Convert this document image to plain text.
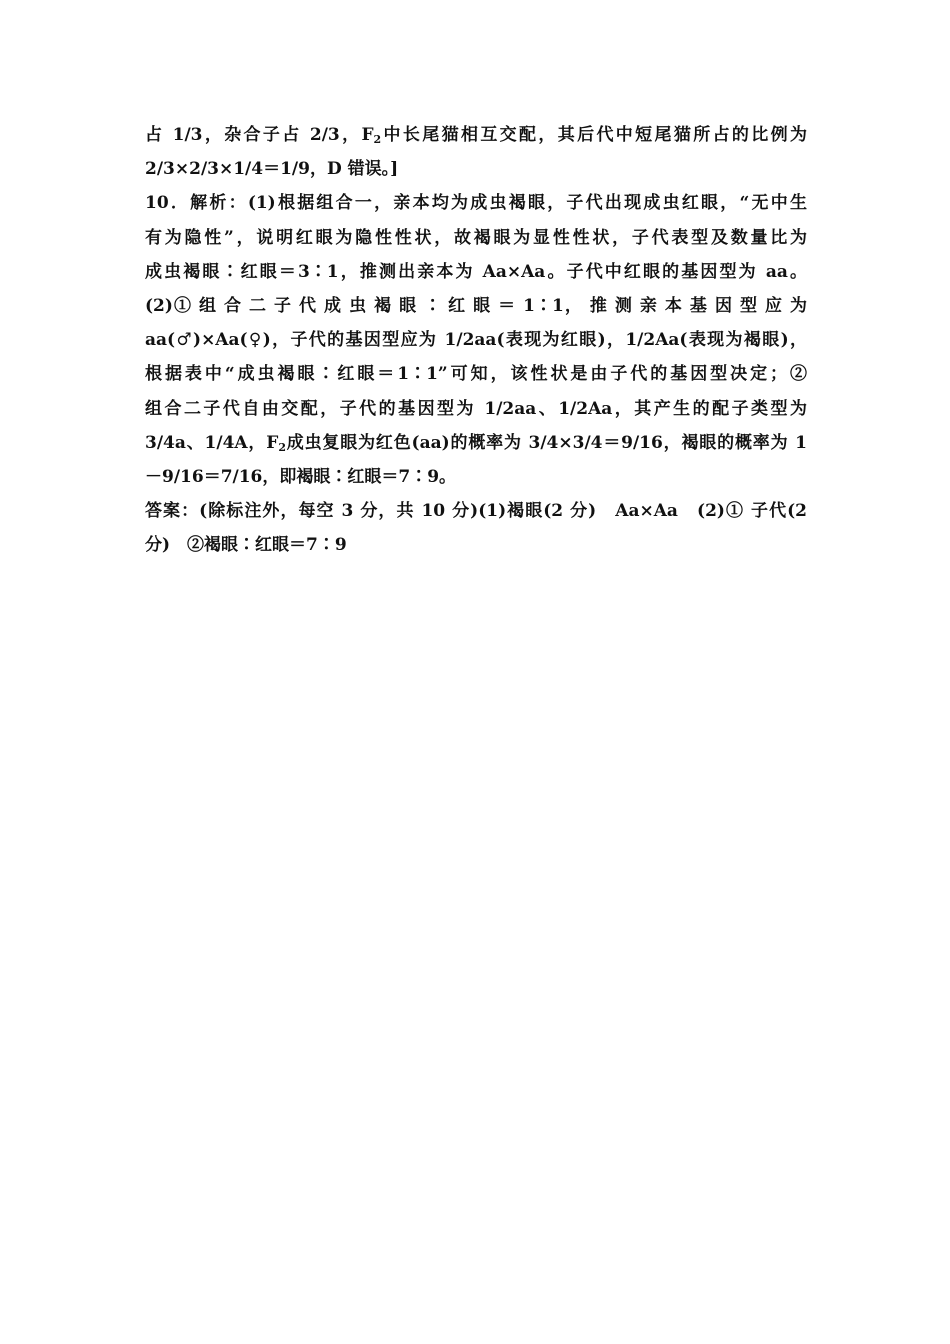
占 1/3，杂合子占 2/3，$F_2$中长尾猫相互交配，其后代中短尾猫所占的比例为
2/3×2/3×1/4＝1/9，D 错误。]
10．解析：(1)根据组合一，亲本均为成虫褐眼，子代出现成虫红眼，“无中生
有为隐性”，说明红眼为隐性性状，故褐眼为显性性状，子代表型及数量比为
成虫褐眼∶红眼＝3∶1，推测出亲本为 Aa×Aa。子代中红眼的基因型为 aa。
(2)① 组 合 二 子 代 成 虫 褐 眼 ∶ 红 眼 ＝ 1∶1， 推 测 亲 本 基 因 型 应 为
aa(♂)×Aa(♀)，子代的基因型应为 1/2aa(表现为红眼)，1/2Aa(表现为褐眼)，
根据表中“成虫褐眼∶红眼＝1∶1”可知，该性状是由子代的基因型决定；②
组合二子代自由交配，子代的基因型为 1/2aa、1/2Aa，其产生的配子类型为
3/4a、1/4A，$F_2$成虫复眼为红色(aa)的概率为 3/4×3/4＝9/16，褐眼的概率为 1
－9/16＝7/16，即褐眼∶红眼＝7∶9。
答案：(除标注外，每空 3 分，共 10 分)(1)褐眼(2 分)　Aa×Aa　(2)① 子代(2
分)　②褐眼∶红眼＝7∶9
